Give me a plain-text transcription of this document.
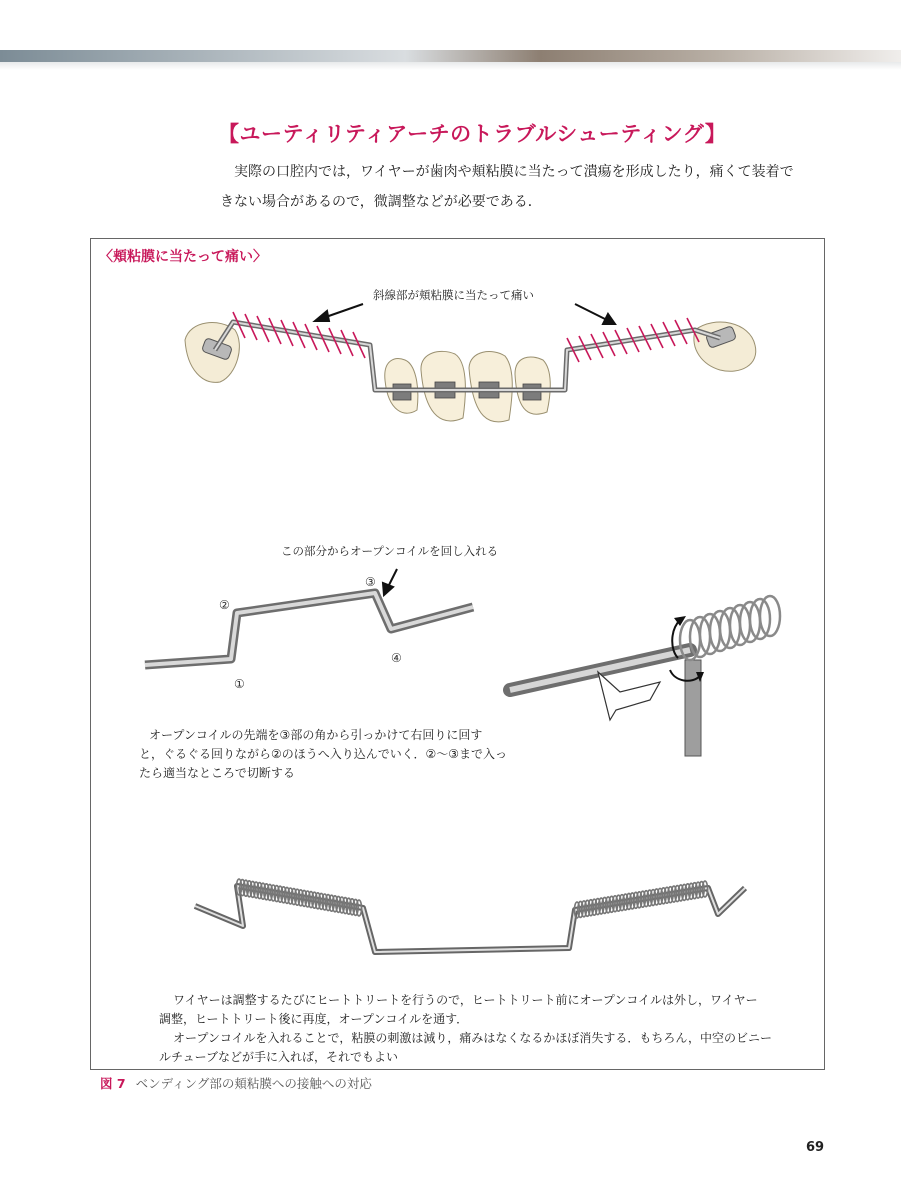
【ユーティリティアーチのトラブルシューティング】
実際の口腔内では，ワイヤーが歯肉や頬粘膜に当たって潰瘍を形成したり，痛くて装着で
きない場合があるので，微調整などが必要である．
〈頬粘膜に当たって痛い〉
斜線部が頬粘膜に当たって痛い
この部分からオープンコイルを回し入れる
①
②
③
④
オープンコイルの先端を③部の角から引っかけて右回りに回す
と，ぐるぐる回りながら②のほうへ入り込んでいく．②～③まで入っ
たら適当なところで切断する
ワイヤーは調整するたびにヒートトリートを行うので，ヒートトリート前にオープンコイルは外し，ワイヤー
調整，ヒートトリート後に再度，オープンコイルを通す．
オープンコイルを入れることで，粘膜の刺激は減り，痛みはなくなるかほぼ消失する．もちろん，中空のビニー
ルチューブなどが手に入れば，それでもよい
図 7 ベンディング部の頬粘膜への接触への対応
69
